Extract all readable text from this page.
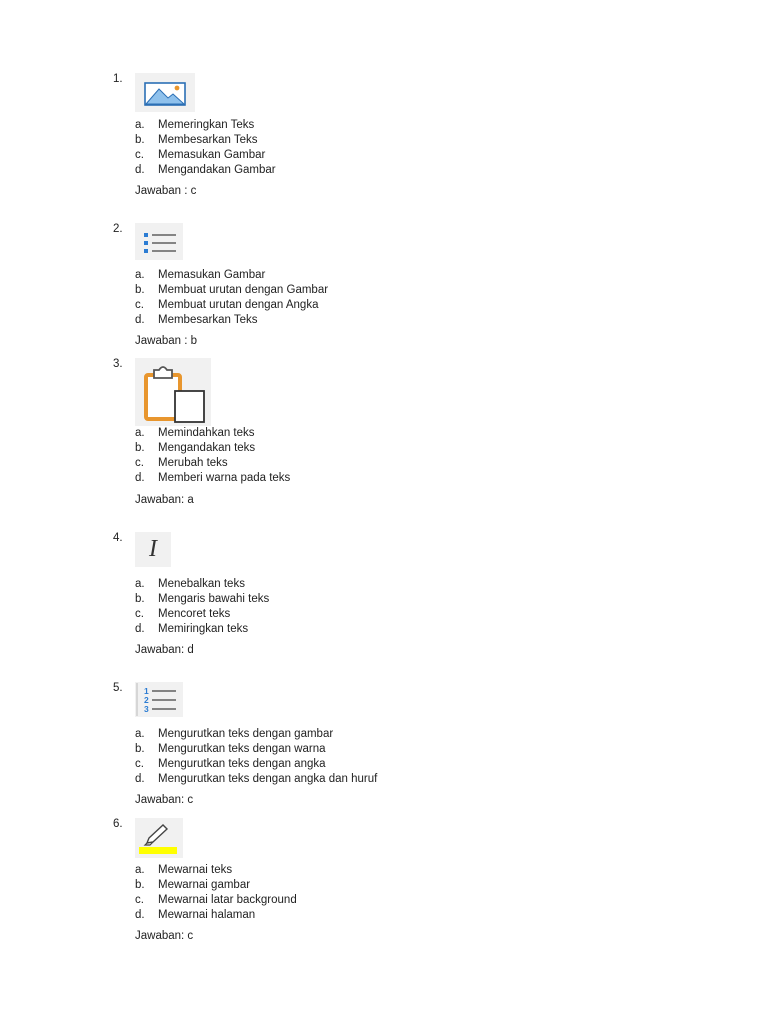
1.
a. Memeringkan Teks
b. Membesarkan Teks
c. Memasukan Gambar
d. Mengandakan Gambar
Jawaban : c
2.
a. Memasukan Gambar
b. Membuat urutan dengan Gambar
c. Membuat urutan dengan Angka
d. Membesarkan Teks
Jawaban : b
3.
a. Memindahkan teks
b. Mengandakan teks
c. Merubah teks
d. Memberi warna pada teks
Jawaban: a
4.	I
a. Menebalkan teks
b. Mengaris bawahi teks
c. Mencoret teks
d. Memiringkan teks
Jawaban: d
5.	1
2
3
a. Mengurutkan teks dengan gambar
b. Mengurutkan teks dengan warna
c. Mengurutkan teks dengan angka
d. Mengurutkan teks dengan angka dan huruf
Jawaban: c
6.
a. Mewarnai teks
b. Mewarnai gambar
c. Mewarnai latar background
d. Mewarnai halaman
Jawaban: c
